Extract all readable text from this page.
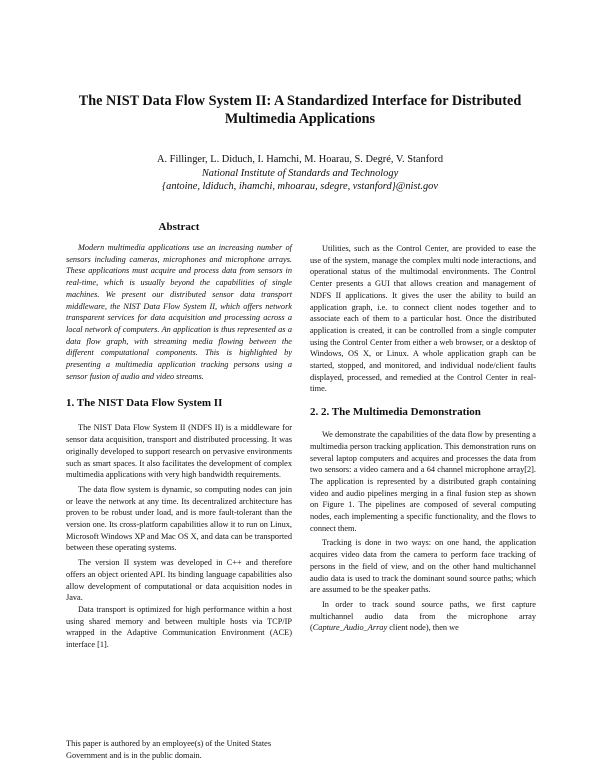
The NIST Data Flow System II: A Standardized Interface for Distributed Multimedia Applications
A. Fillinger, L. Diduch, I. Hamchi, M. Hoarau, S. Degré, V. Stanford
National Institute of Standards and Technology
{antoine, ldiduch, ihamchi, mhoarau, sdegre, vstanford}@nist.gov
Abstract

Modern multimedia applications use an increasing number of sensors including cameras, microphones and microphone arrays. These applications must acquire and process data from sensors in real-time, which is usually beyond the capabilities of single machines. We present our distributed sensor data transport middleware, the NIST Data Flow System II, which offers network transparent services for data acquisition and processing across a local network of computers. An application is thus represented as a data flow graph, with streaming media flowing between the different computational components. This is highlighted by presenting a multimedia application tracking persons using a sensor fusion of audio and video streams.

1. The NIST Data Flow System II

The NIST Data Flow System II (NDFS II) is a middleware for sensor data acquisition, transport and distributed processing. It was originally developed to support research on pervasive environments such as smart spaces. It also facilitates the development of complex multimedia applications with very high bandwidth requirements.

The data flow system is dynamic, so computing nodes can join or leave the network at any time. Its decentralized architecture has proven to be robust under load, and is more fault-tolerant than the version one. Its cross-platform capabilities allow it to run on Linux, Microsoft Windows XP and Mac OS X, and data can be transported between these operating systems.

The version II system was developed in C++ and therefore offers an object oriented API. Its binding language capabilities also allow development of computational or data acquisition nodes in Java.

Data transport is optimized for high performance within a host using shared memory and between multiple hosts via TCP/IP wrapped in the Adaptive Communication Environment (ACE) interface [1].

Utilities, such as the Control Center, are provided to ease the use of the system, manage the complex multi node interactions, and operational status of the multimodal environments. The Control Center presents a GUI that allows creation and management of NDFS II applications. It gives the user the ability to build an application graph, i.e. to connect client nodes together and to associate each of them to a particular host. Once the distributed application is created, it can be controlled from a single computer using the Control Center from either a web browser, or a desktop of Windows, OS X, or Linux. A whole application graph can be started, stopped, and monitored, and individual node/client faults displayed, processed, and remedied at the Control Center in real-time.

2. 2. The Multimedia Demonstration

We demonstrate the capabilities of the data flow by presenting a multimedia person tracking application. This demonstration runs on several laptop computers and acquires and processes the data from two sensors: a video camera and a 64 channel microphone array[2]. The application is represented by a distributed graph containing video and audio pipelines merging in a final fusion step as shown on Figure 1. The pipelines are composed of several computing nodes, each implementing a specific functionality, and the flows to connect them.

Tracking is done in two ways: on one hand, the application acquires video data from the camera to perform face tracking of persons in the field of view, and on the other hand multichannel audio data is used to track the dominant sound source paths; which are assumed to be the speaker paths.

In order to track sound source paths, we first capture multichannel audio data from the microphone array (Capture_Audio_Array client node), then we

This paper is authored by an employee(s) of the United States Government and is in the public domain.
